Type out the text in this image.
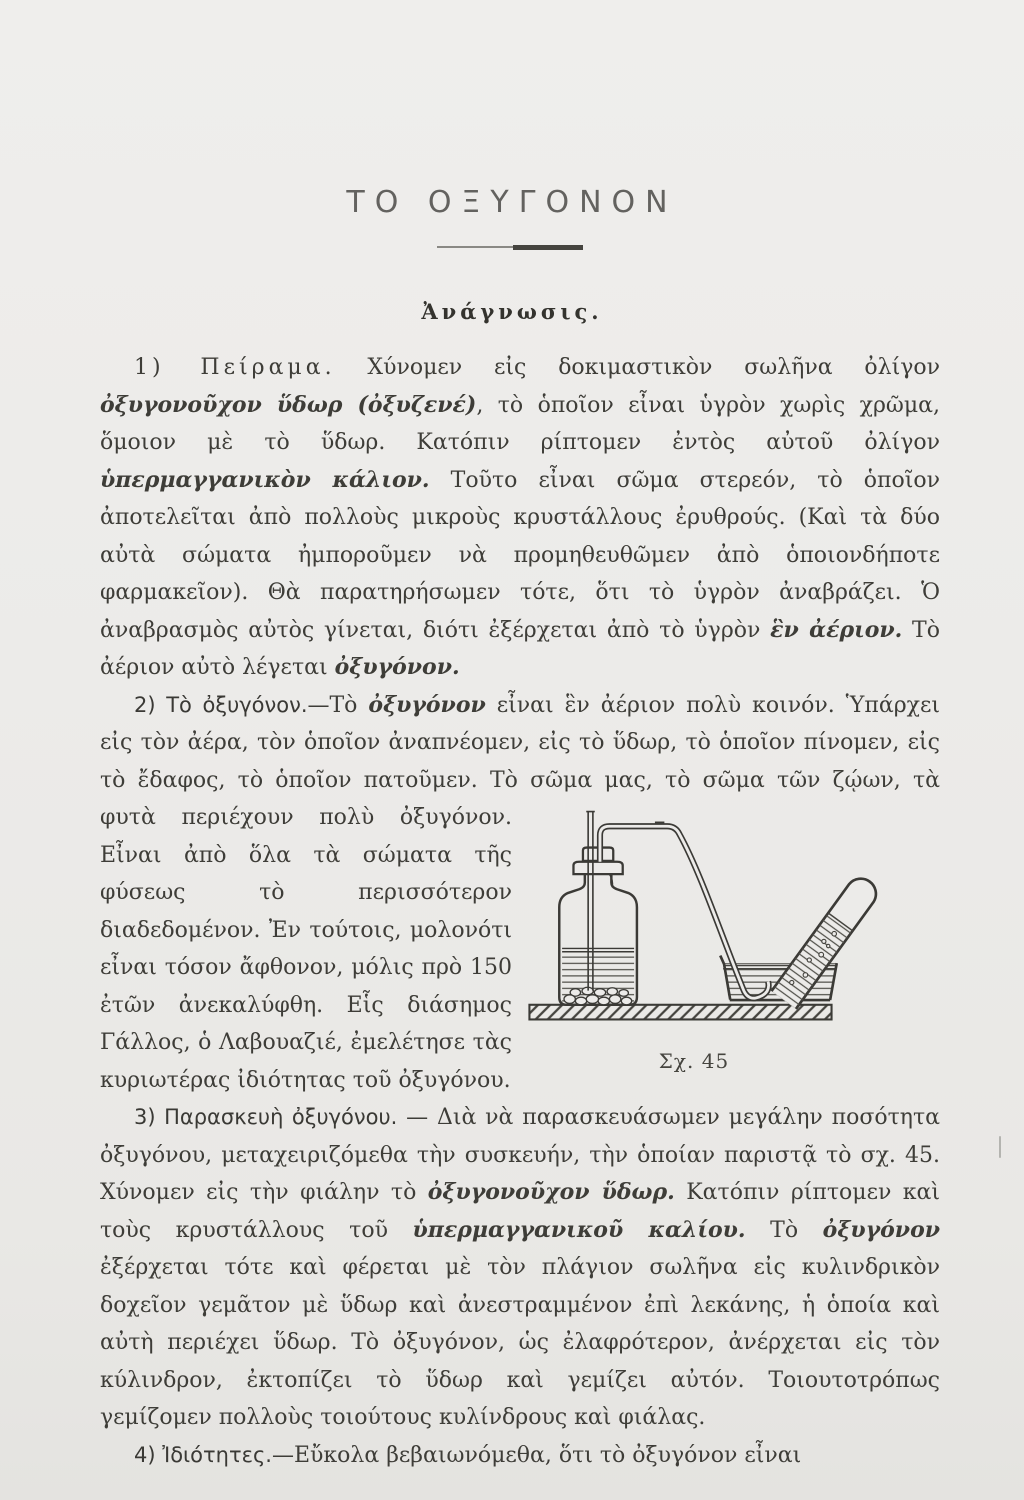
ΤΟ ΟΞΥΓΟΝΟΝ
Ἀνάγνωσις.
1) Πείραμα. Χύνομεν εἰς δοκιμαστικὸν σωλῆνα ὀλίγον ὀξυγονοῦχον ὕδωρ (ὀξυζενέ), τὸ ὁποῖον εἶναι ὑγρὸν χωρὶς χρῶμα, ὅμοιον μὲ τὸ ὕδωρ. Κατόπιν ρίπτομεν ἐντὸς αὐτοῦ ὀλίγον ὑπερμαγγανικὸν κάλιον. Τοῦτο εἶναι σῶμα στερεόν, τὸ ὁποῖον ἀποτελεῖται ἀπὸ πολλοὺς μικροὺς κρυστάλλους ἐρυθρούς. (Καὶ τὰ δύο αὐτὰ σώματα ἠμποροῦμεν νὰ προμηθευθῶμεν ἀπὸ ὁποιονδήποτε φαρμακεῖον). Θὰ παρατηρήσωμεν τότε, ὅτι τὸ ὑγρὸν ἀναβράζει. Ὁ ἀναβρασμὸς αὐτὸς γίνεται, διότι ἐξέρχεται ἀπὸ τὸ ὑγρὸν ἓν ἀέριον. Τὸ ἀέριον αὐτὸ λέγεται ὀξυγόνον.
2) Τὸ ὀξυγόνον.—Τὸ ὀξυγόνον εἶναι ἓν ἀέριον πολὺ κοινόν. Ὑπάρχει εἰς τὸν ἀέρα, τὸν ὁποῖον ἀναπνέομεν, εἰς τὸ ὕδωρ, τὸ ὁποῖον πίνομεν, εἰς τὸ ἔδαφος, τὸ ὁποῖον πατοῦμεν. Τὸ σῶμα μας, τὸ σῶμα
Σχ. 45
τῶν ζῴων, τὰ φυτὰ περιέχουν πολὺ ὀξυγόνον. Εἶναι ἀπὸ ὅλα τὰ σώματα τῆς φύσεως τὸ περισσότερον διαδεδομένον. Ἐν τούτοις, μολονότι εἶναι τόσον ἄφθονον, μόλις πρὸ 150 ἐτῶν ἀνεκαλύφθη. Εἷς διάσημος Γάλλος, ὁ Λαβουαζιέ, ἐμελέτησε τὰς κυριωτέρας ἰδιότητας τοῦ ὀξυγόνου.
3) Παρασκευὴ ὀξυγόνου. — Διὰ νὰ παρασκευάσωμεν μεγάλην ποσότητα ὀξυγόνου, μεταχειριζόμεθα τὴν συσκευήν, τὴν ὁποίαν παριστᾷ τὸ σχ. 45. Χύνομεν εἰς τὴν φιάλην τὸ ὀξυγονοῦχον ὕδωρ. Κατόπιν ρίπτομεν καὶ τοὺς κρυστάλλους τοῦ ὑπερμαγγανικοῦ καλίου. Τὸ ὀξυγόνον ἐξέρχεται τότε καὶ φέρεται μὲ τὸν πλάγιον σωλῆνα εἰς κυλινδρικὸν δοχεῖον γεμᾶτον μὲ ὕδωρ καὶ ἀνεστραμμένον ἐπὶ λεκάνης, ἡ ὁποία καὶ αὐτὴ περιέχει ὕδωρ. Τὸ ὀξυγόνον, ὡς ἐλαφρότερον, ἀνέρχεται εἰς τὸν κύλινδρον, ἐκτοπίζει τὸ ὕδωρ καὶ γεμίζει αὐτόν. Τοιουτοτρόπως γεμίζομεν πολλοὺς τοιούτους κυλίνδρους καὶ φιάλας.
4) Ἰδιότητες.—Εὔκολα βεβαιωνόμεθα, ὅτι τὸ ὀξυγόνον εἶναι
